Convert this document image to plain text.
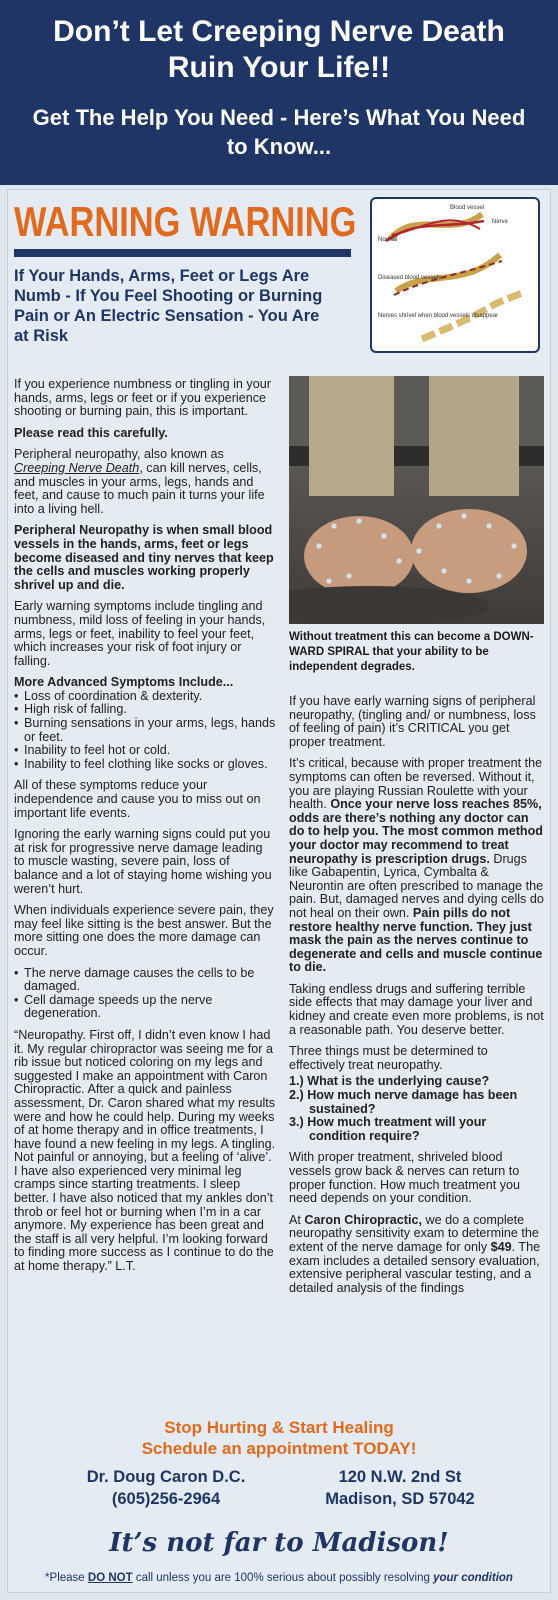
Don’t Let Creeping Nerve Death Ruin Your Life!!
Get The Help You Need - Here’s What You Need to Know...
WARNING WARNING
If Your Hands, Arms, Feet or Legs Are Numb - If You Feel Shooting or Burning Pain or An Electric Sensation - You Are at Risk
Blood vessel
Nerve
Normal
Diseased blood vessels
Nerves shrivel when blood vessels disappear
Without treatment this can become a DOWN-WARD SPIRAL that your ability to be independent degrades.

If you experience numbness or tingling in your hands, arms, legs or feet or if you experience shooting or burning pain, this is important.

Please read this carefully.

Peripheral neuropathy, also known as Creeping Nerve Death, can kill nerves, cells, and muscles in your arms, legs, hands and feet, and cause to much pain it turns your life into a living hell.

Peripheral Neuropathy is when small blood vessels in the hands, arms, feet or legs become diseased and tiny nerves that keep the cells and muscles working properly shrivel up and die.

Early warning symptoms include tingling and numbness, mild loss of feeling in your hands, arms, legs or feet, inability to feel your feet, which increases your risk of foot injury or falling.

More Advanced Symptoms Include...

• Loss of coordination & dexterity.
• High risk of falling.
• Burning sensations in your arms, legs, hands or feet.
• Inability to feel hot or cold.
• Inability to feel clothing like socks or gloves.

All of these symptoms reduce your independence and cause you to miss out on important life events.

Ignoring the early warning signs could put you at risk for progressive nerve damage leading to muscle wasting, severe pain, loss of balance and a lot of staying home wishing you weren’t hurt.

When individuals experience severe pain, they may feel like sitting is the best answer. But the more sitting one does the more damage can occur.

• The nerve damage causes the cells to be damaged.
• Cell damage speeds up the nerve degeneration.

“Neuropathy. First off, I didn’t even know I had it. My regular chiropractor was seeing me for a rib issue but noticed coloring on my legs and suggested I make an appointment with Caron Chiropractic. After a quick and painless assessment, Dr. Caron shared what my results were and how he could help. During my weeks of at home therapy and in office treatments, I have found a new feeling in my legs. A tingling. Not painful or annoying, but a feeling of ‘alive’. I have also experienced very minimal leg cramps since starting treatments. I sleep better. I have also noticed that my ankles don’t throb or feel hot or burning when I’m in a car anymore. My experience has been great and the staff is all very helpful. I’m looking forward to finding more success as I continue to do the at home therapy.” L.T.

If you have early warning signs of peripheral neuropathy, (tingling and/ or numbness, loss of feeling of pain) it’s CRITICAL you get proper treatment.

It’s critical, because with proper treatment the symptoms can often be reversed. Without it, you are playing Russian Roulette with your health. Once your nerve loss reaches 85%, odds are there’s nothing any doctor can do to help you. The most common method your doctor may recommend to treat neuropathy is prescription drugs. Drugs like Gabapentin, Lyrica, Cymbalta & Neurontin are often prescribed to manage the pain. But, damaged nerves and dying cells do not heal on their own. Pain pills do not restore healthy nerve function. They just mask the pain as the nerves continue to degenerate and cells and muscle continue to die.

Taking endless drugs and suffering terrible side effects that may damage your liver and kidney and create even more problems, is not a reasonable path. You deserve better.

Three things must be determined to effectively treat neuropathy.

1.) What is the underlying cause?
2.) How much nerve damage has been sustained?
3.) How much treatment will your condition require?

With proper treatment, shriveled blood vessels grow back & nerves can return to proper function. How much treatment you need depends on your condition.

At Caron Chiropractic, we do a complete neuropathy sensitivity exam to determine the extent of the nerve damage for only $49. The exam includes a detailed sensory evaluation, extensive peripheral vascular testing, and a detailed analysis of the findings

Stop Hurting & Start Healing
Schedule an appointment TODAY!
Dr. Doug Caron D.C.
(605)256-2964
120 N.W. 2nd St
Madison, SD 57042
It’s not far to Madison!
*Please DO NOT call unless you are 100% serious about possibly resolving your condition
